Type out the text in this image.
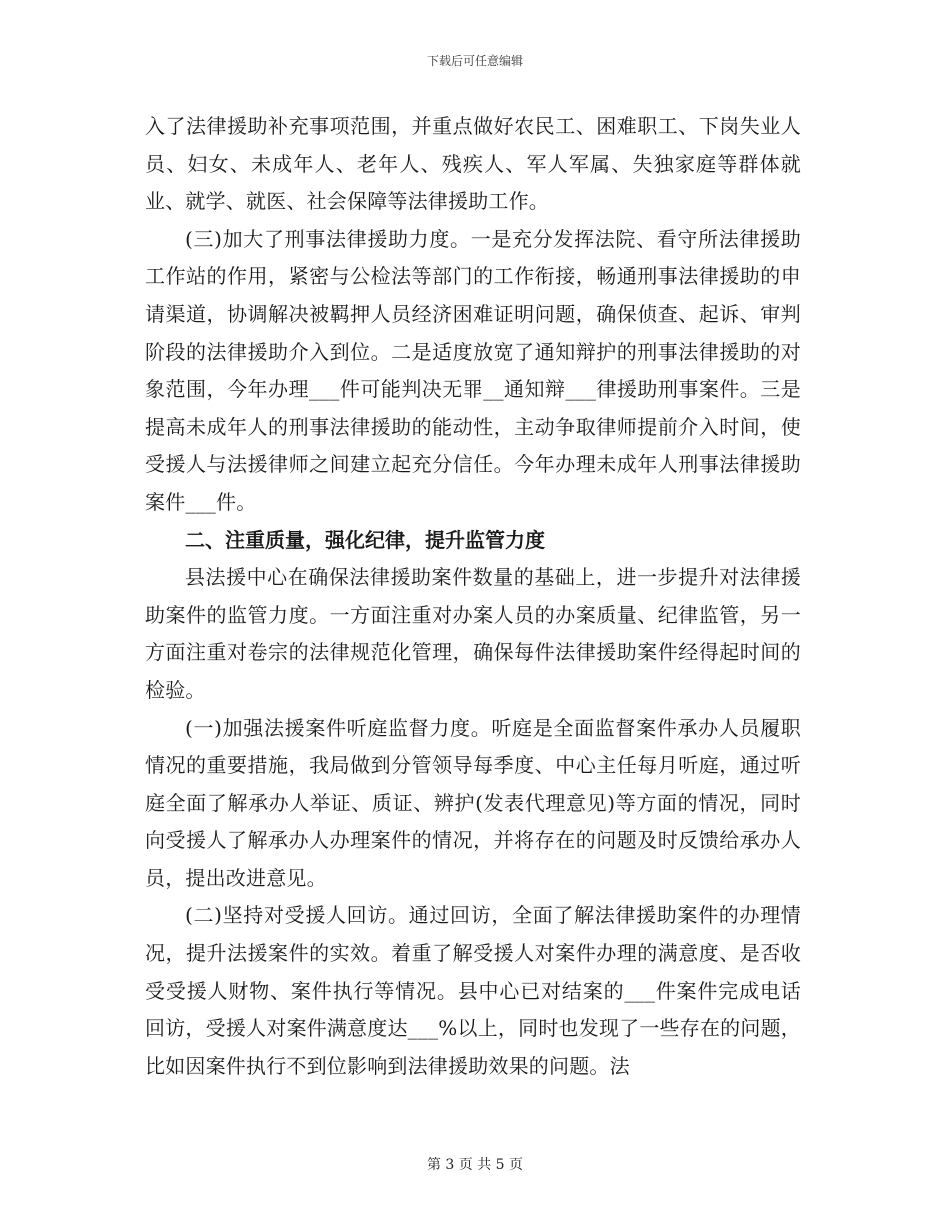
下载后可任意编辑

入了法律援助补充事项范围，并重点做好农民工、困难职工、下岗失业人员、妇女、未成年人、老年人、残疾人、军人军属、失独家庭等群体就业、就学、就医、社会保障等法律援助工作。

(三)加大了刑事法律援助力度。一是充分发挥法院、看守所法律援助工作站的作用，紧密与公检法等部门的工作衔接，畅通刑事法律援助的申请渠道，协调解决被羁押人员经济困难证明问题，确保侦查、起诉、审判阶段的法律援助介入到位。二是适度放宽了通知辩护的刑事法律援助的对象范围，今年办理___件可能判决无罪__通知辩___律援助刑事案件。三是提高未成年人的刑事法律援助的能动性，主动争取律师提前介入时间，使受援人与法援律师之间建立起充分信任。今年办理未成年人刑事法律援助案件___件。

二、注重质量，强化纪律，提升监管力度

县法援中心在确保法律援助案件数量的基础上，进一步提升对法律援助案件的监管力度。一方面注重对办案人员的办案质量、纪律监管，另一方面注重对卷宗的法律规范化管理，确保每件法律援助案件经得起时间的检验。

(一)加强法援案件听庭监督力度。听庭是全面监督案件承办人员履职情况的重要措施，我局做到分管领导每季度、中心主任每月听庭，通过听庭全面了解承办人举证、质证、辨护(发表代理意见)等方面的情况，同时向受援人了解承办人办理案件的情况，并将存在的问题及时反馈给承办人员，提出改进意见。

(二)坚持对受援人回访。通过回访，全面了解法律援助案件的办理情况，提升法援案件的实效。着重了解受援人对案件办理的满意度、是否收受受援人财物、案件执行等情况。县中心已对结案的___件案件完成电话回访，受援人对案件满意度达___%以上，同时也发现了一些存在的问题，比如因案件执行不到位影响到法律援助效果的问题。法

第 3 页 共 5 页
